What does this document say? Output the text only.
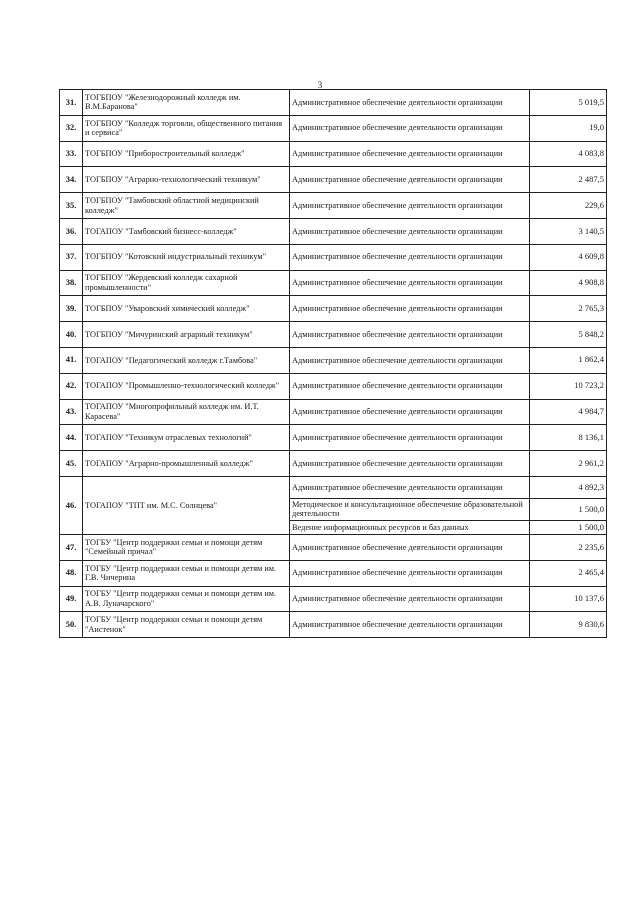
3
31.	ТОГБПОУ "Железнодорожный колледж им. В.М.Баранова"	Административное обеспечение деятельности организации	5 019,5
32.	ТОГБПОУ "Колледж торговли, общественного питания и сервиса"	Административное обеспечение деятельности организации	19,0
33.	ТОГБПОУ "Приборостроительный колледж"	Административное обеспечение деятельности организации	4 083,8
34.	ТОГБПОУ "Аграрно-технологический техникум"	Административное обеспечение деятельности организации	2 487,5
35.	ТОГБПОУ "Тамбовский областной медицинский колледж"	Административное обеспечение деятельности организации	229,6
36.	ТОГАПОУ "Тамбовский бизнесс-колледж"	Административное обеспечение деятельности организации	3 140,5
37.	ТОГБПОУ "Котовский индустриальный техникум"	Административное обеспечение деятельности организации	4 609,8
38.	ТОГБПОУ "Жердевский колледж сахарной промышленности"	Административное обеспечение деятельности организации	4 908,8
39.	ТОГБПОУ "Уваровский химический колледж"	Административное обеспечение деятельности организации	2 765,3
40.	ТОГБПОУ "Мичуринский аграрный техникум"	Административное обеспечение деятельности организации	5 848,2
41.	ТОГАПОУ "Педагогический колледж г.Тамбова"	Административное обеспечение деятельности организации	1 862,4
42.	ТОГАПОУ "Промышленно-технологический колледж"	Административное обеспечение деятельности организации	10 723,2
43.	ТОГАПОУ "Многопрофильный колледж им. И.Т. Карасева"	Административное обеспечение деятельности организации	4 984,7
44.	ТОГАПОУ "Техникум отраслевых технологий"	Административное обеспечение деятельности организации	8 136,1
45.	ТОГАПОУ "Аграрно-промышленный колледж"	Административное обеспечение деятельности организации	2 961,2
46.	ТОГАПОУ "ТПТ им. М.С. Солнцева"	Административное обеспечение деятельности организации	4 892,3
		Методическое и консультационное обеспечение образовательной деятельности	1 500,0
		Ведение информационных ресурсов и баз данных	1 500,0
47.	ТОГБУ "Центр поддержки семьи и помощи детям "Семейный причал"	Административное обеспечение деятельности организации	2 235,6
48.	ТОГБУ "Центр поддержки семьи и помощи детям им. Г.В. Чичерина	Административное обеспечение деятельности организации	2 465,4
49.	ТОГБУ "Центр поддержки семьи и помощи детям им. А.В. Луначарского"	Административное обеспечение деятельности организации	10 137,6
50.	ТОГБУ "Центр поддержки семьи и помощи детям "Аистенок"	Административное обеспечение деятельности организации	9 830,6
